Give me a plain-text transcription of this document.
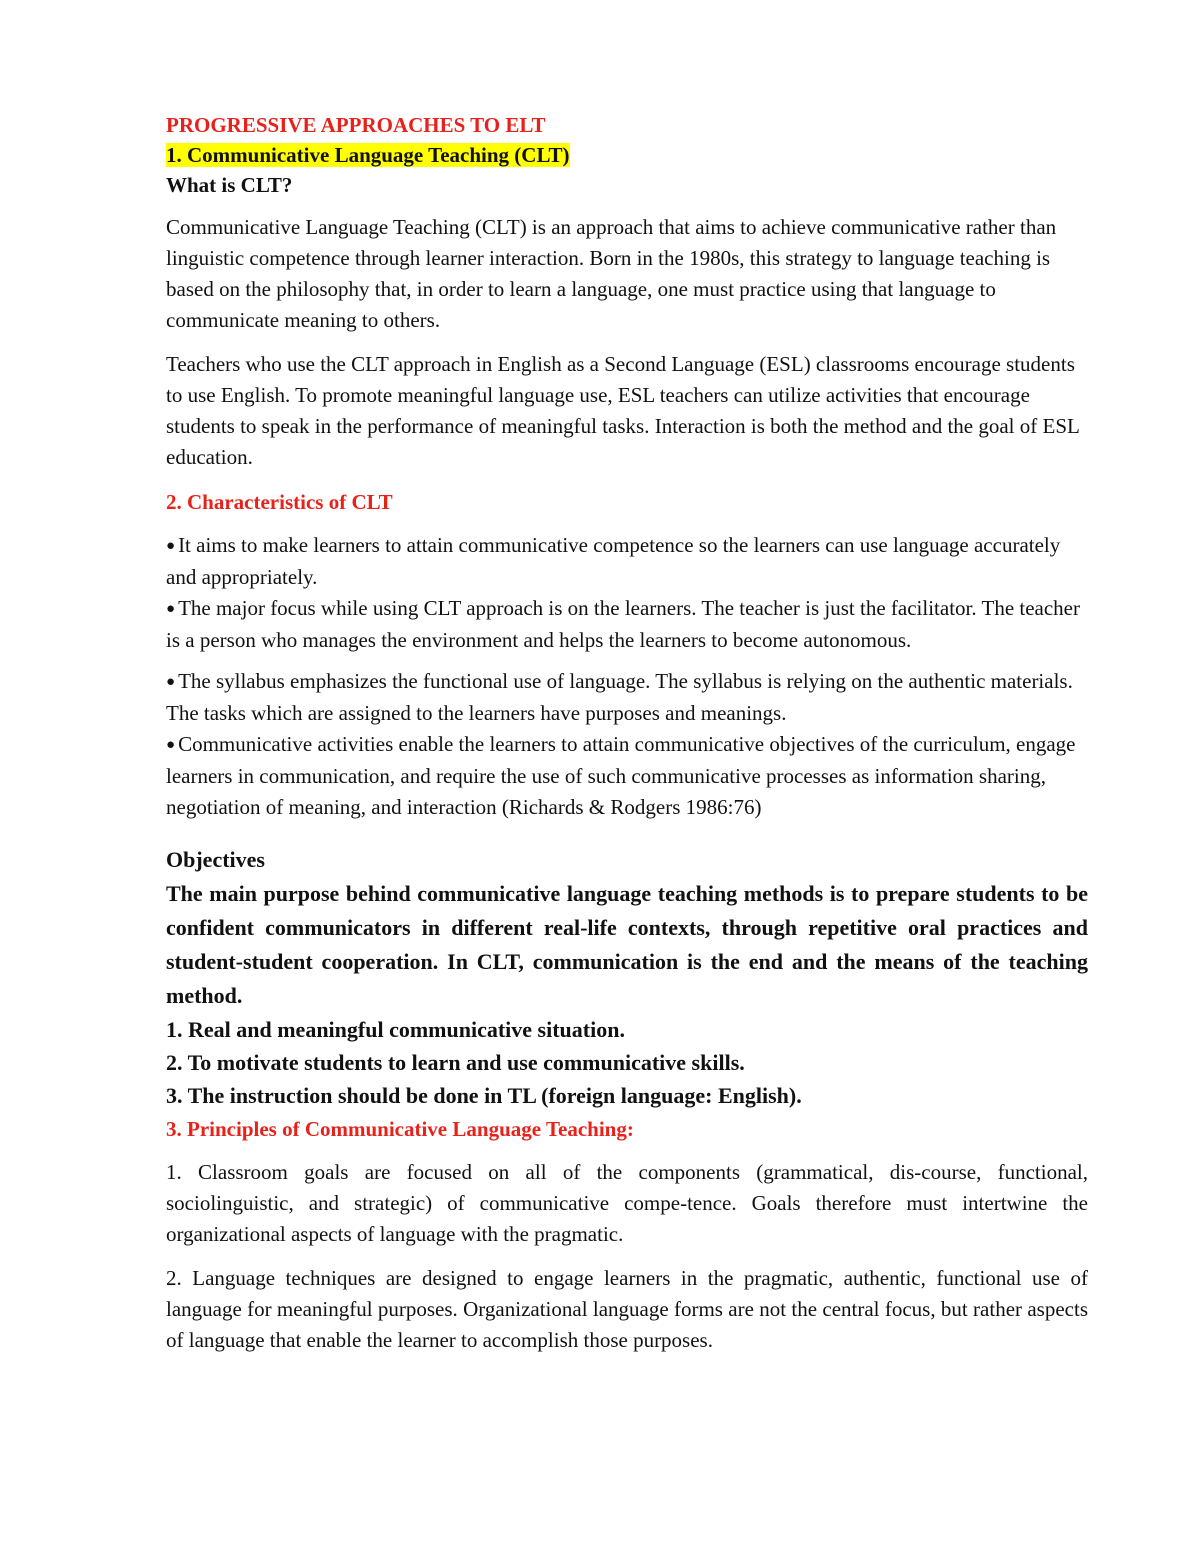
PROGRESSIVE APPROACHES TO ELT

1. Communicative Language Teaching (CLT)

What is CLT?

Communicative Language Teaching (CLT) is an approach that aims to achieve communicative rather than linguistic competence through learner interaction. Born in the 1980s, this strategy to language teaching is based on the philosophy that, in order to learn a language, one must practice using that language to communicate meaning to others.

Teachers who use the CLT approach in English as a Second Language (ESL) classrooms encourage students to use English. To promote meaningful language use, ESL teachers can utilize activities that encourage students to speak in the performance of meaningful tasks. Interaction is both the method and the goal of ESL education.

2. Characteristics of CLT

● It aims to make learners to attain communicative competence so the learners can use language accurately and appropriately.

● The major focus while using CLT approach is on the learners. The teacher is just the facilitator. The teacher is a person who manages the environment and helps the learners to become autonomous.

● The syllabus emphasizes the functional use of language. The syllabus is relying on the authentic materials. The tasks which are assigned to the learners have purposes and meanings.

● Communicative activities enable the learners to attain communicative objectives of the curriculum, engage learners in communication, and require the use of such communicative processes as information sharing, negotiation of meaning, and interaction (Richards & Rodgers 1986:76)

Objectives

The main purpose behind communicative language teaching methods is to prepare students to be confident communicators in different real-life contexts, through repetitive oral practices and student-student cooperation. In CLT, communication is the end and the means of the teaching method.

1. Real and meaningful communicative situation.

2. To motivate students to learn and use communicative skills.

3. The instruction should be done in TL (foreign language: English).

3. Principles of Communicative Language Teaching:

1. Classroom goals are focused on all of the components (grammatical, dis-course, functional, sociolinguistic, and strategic) of communicative compe-tence. Goals therefore must intertwine the organizational aspects of language with the pragmatic.

2. Language techniques are designed to engage learners in the pragmatic, authentic, functional use of language for meaningful purposes. Organizational language forms are not the central focus, but rather aspects of language that enable the learner to accomplish those purposes.
